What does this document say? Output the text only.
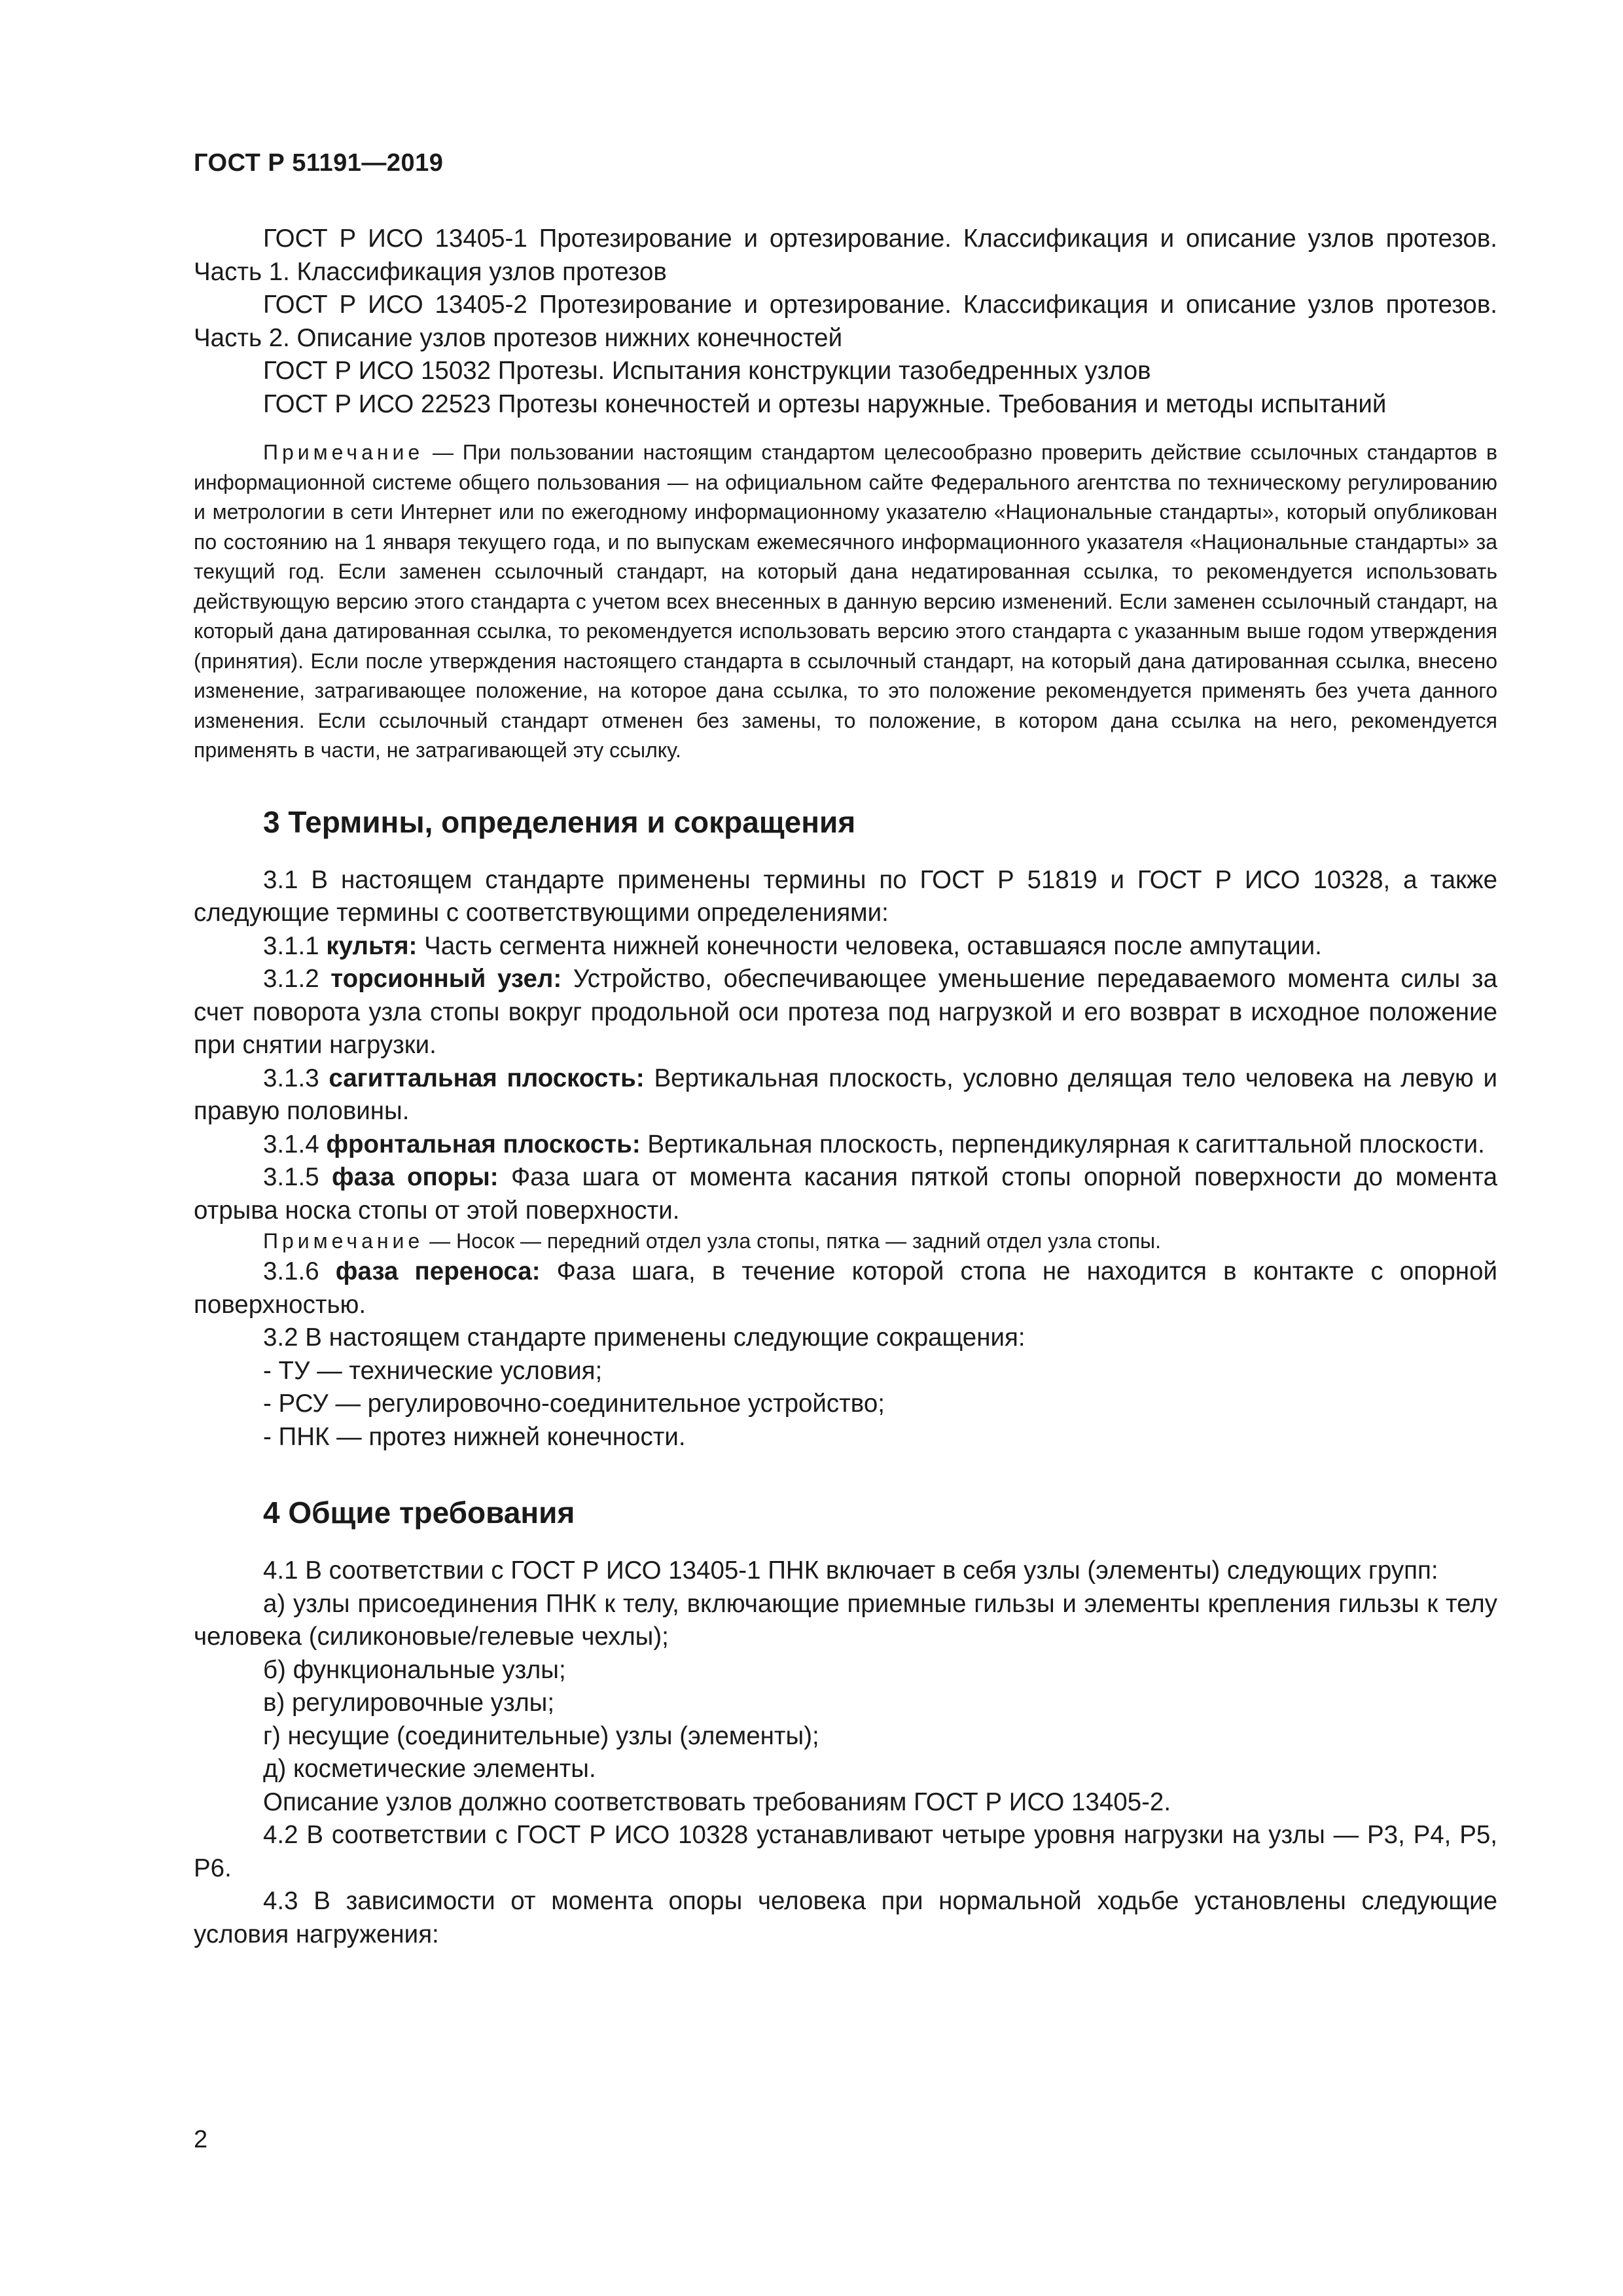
ГОСТ Р 51191—2019

ГОСТ Р ИСО 13405-1 Протезирование и ортезирование. Классификация и описание узлов протезов. Часть 1. Классификация узлов протезов

ГОСТ Р ИСО 13405-2 Протезирование и ортезирование. Классификация и описание узлов протезов. Часть 2. Описание узлов протезов нижних конечностей

ГОСТ Р ИСО 15032 Протезы. Испытания конструкции тазобедренных узлов

ГОСТ Р ИСО 22523 Протезы конечностей и ортезы наружные. Требования и методы испытаний

Примечание — При пользовании настоящим стандартом целесообразно проверить действие ссылочных стандартов в информационной системе общего пользования — на официальном сайте Федерального агентства по техническому регулированию и метрологии в сети Интернет или по ежегодному информационному указателю «Национальные стандарты», который опубликован по состоянию на 1 января текущего года, и по выпускам ежемесячного информационного указателя «Национальные стандарты» за текущий год. Если заменен ссылочный стандарт, на который дана недатированная ссылка, то рекомендуется использовать действующую версию этого стандарта с учетом всех внесенных в данную версию изменений. Если заменен ссылочный стандарт, на который дана датированная ссылка, то рекомендуется использовать версию этого стандарта с указанным выше годом утверждения (принятия). Если после утверждения настоящего стандарта в ссылочный стандарт, на который дана датированная ссылка, внесено изменение, затрагивающее положение, на которое дана ссылка, то это положение рекомендуется применять без учета данного изменения. Если ссылочный стандарт отменен без замены, то положение, в котором дана ссылка на него, рекомендуется применять в части, не затрагивающей эту ссылку.

3 Термины, определения и сокращения

3.1 В настоящем стандарте применены термины по ГОСТ Р 51819 и ГОСТ Р ИСО 10328, а также следующие термины с соответствующими определениями:

3.1.1 культя: Часть сегмента нижней конечности человека, оставшаяся после ампутации.

3.1.2 торсионный узел: Устройство, обеспечивающее уменьшение передаваемого момента силы за счет поворота узла стопы вокруг продольной оси протеза под нагрузкой и его возврат в исходное положение при снятии нагрузки.

3.1.3 сагиттальная плоскость: Вертикальная плоскость, условно делящая тело человека на левую и правую половины.

3.1.4 фронтальная плоскость: Вертикальная плоскость, перпендикулярная к сагиттальной плоскости.

3.1.5 фаза опоры: Фаза шага от момента касания пяткой стопы опорной поверхности до момента отрыва носка стопы от этой поверхности.

Примечание — Носок — передний отдел узла стопы, пятка — задний отдел узла стопы.

3.1.6 фаза переноса: Фаза шага, в течение которой стопа не находится в контакте с опорной поверхностью.

3.2 В настоящем стандарте применены следующие сокращения:

- ТУ — технические условия;
- РСУ — регулировочно-соединительное устройство;
- ПНК — протез нижней конечности.
4 Общие требования

4.1 В соответствии с ГОСТ Р ИСО 13405-1 ПНК включает в себя узлы (элементы) следующих групп:

а) узлы присоединения ПНК к телу, включающие приемные гильзы и элементы крепления гильзы к телу человека (силиконовые/гелевые чехлы);

б) функциональные узлы;

в) регулировочные узлы;

г) несущие (соединительные) узлы (элементы);

д) косметические элементы.

Описание узлов должно соответствовать требованиям ГОСТ Р ИСО 13405-2.

4.2 В соответствии с ГОСТ Р ИСО 10328 устанавливают четыре уровня нагрузки на узлы — Р3, Р4, Р5, Р6.

4.3 В зависимости от момента опоры человека при нормальной ходьбе установлены следующие условия нагружения:

2
